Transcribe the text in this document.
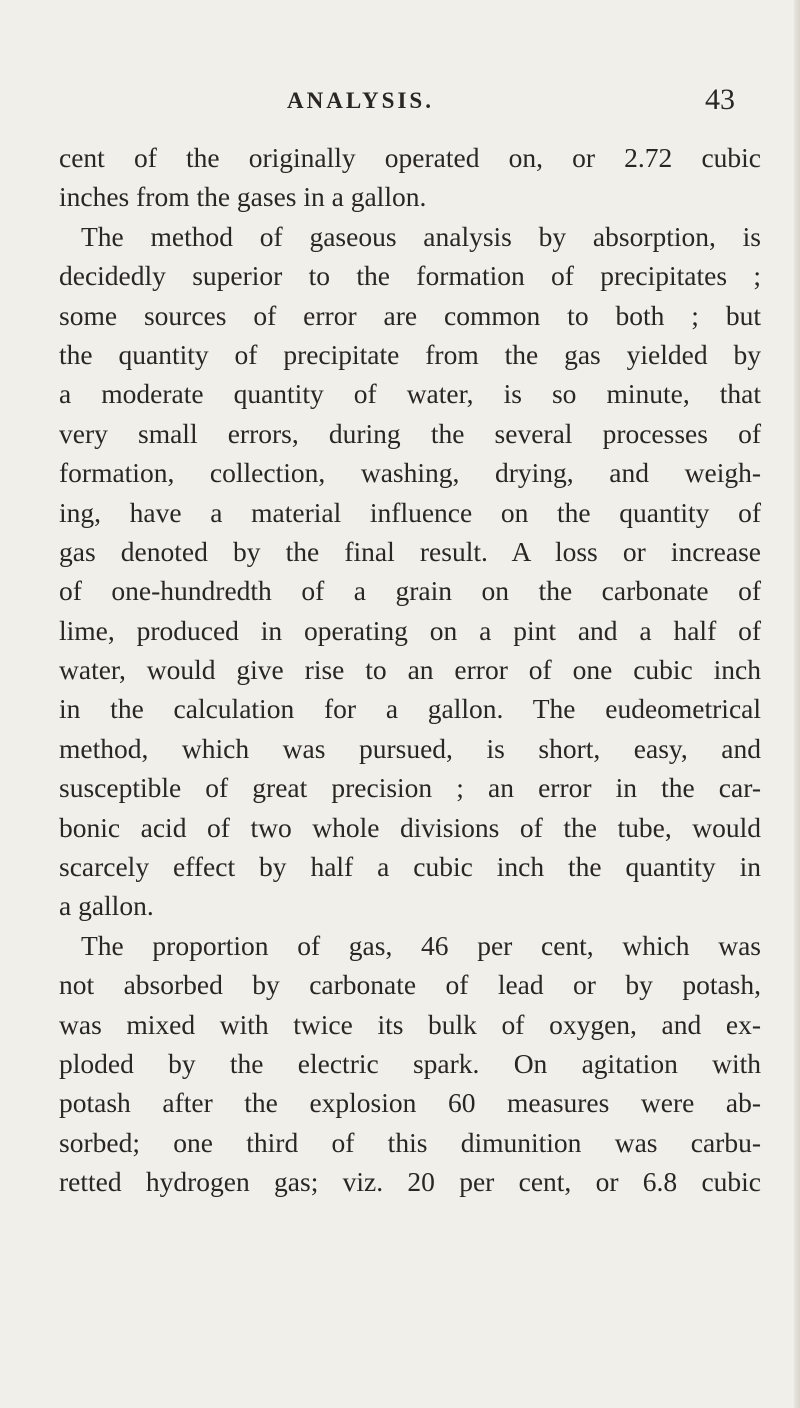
ANALYSIS.	43
cent of the originally operated on, or 2.72 cubic
inches from the gases in a gallon.
The method of gaseous analysis by absorption, is
decidedly superior to the formation of precipitates ;
some sources of error are common to both ; but
the quantity of precipitate from the gas yielded by
a moderate quantity of water, is so minute, that
very small errors, during the several processes of
formation, collection, washing, drying, and weigh-
ing, have a material influence on the quantity of
gas denoted by the final result. A loss or increase
of one-hundredth of a grain on the carbonate of
lime, produced in operating on a pint and a half of
water, would give rise to an error of one cubic inch
in the calculation for a gallon. The eudeometrical
method, which was pursued, is short, easy, and
susceptible of great precision ; an error in the car-
bonic acid of two whole divisions of the tube, would
scarcely effect by half a cubic inch the quantity in
a gallon.
The proportion of gas, 46 per cent, which was
not absorbed by carbonate of lead or by potash,
was mixed with twice its bulk of oxygen, and ex-
ploded by the electric spark. On agitation with
potash after the explosion 60 measures were ab-
sorbed; one third of this dimunition was carbu-
retted hydrogen gas; viz. 20 per cent, or 6.8 cubic
